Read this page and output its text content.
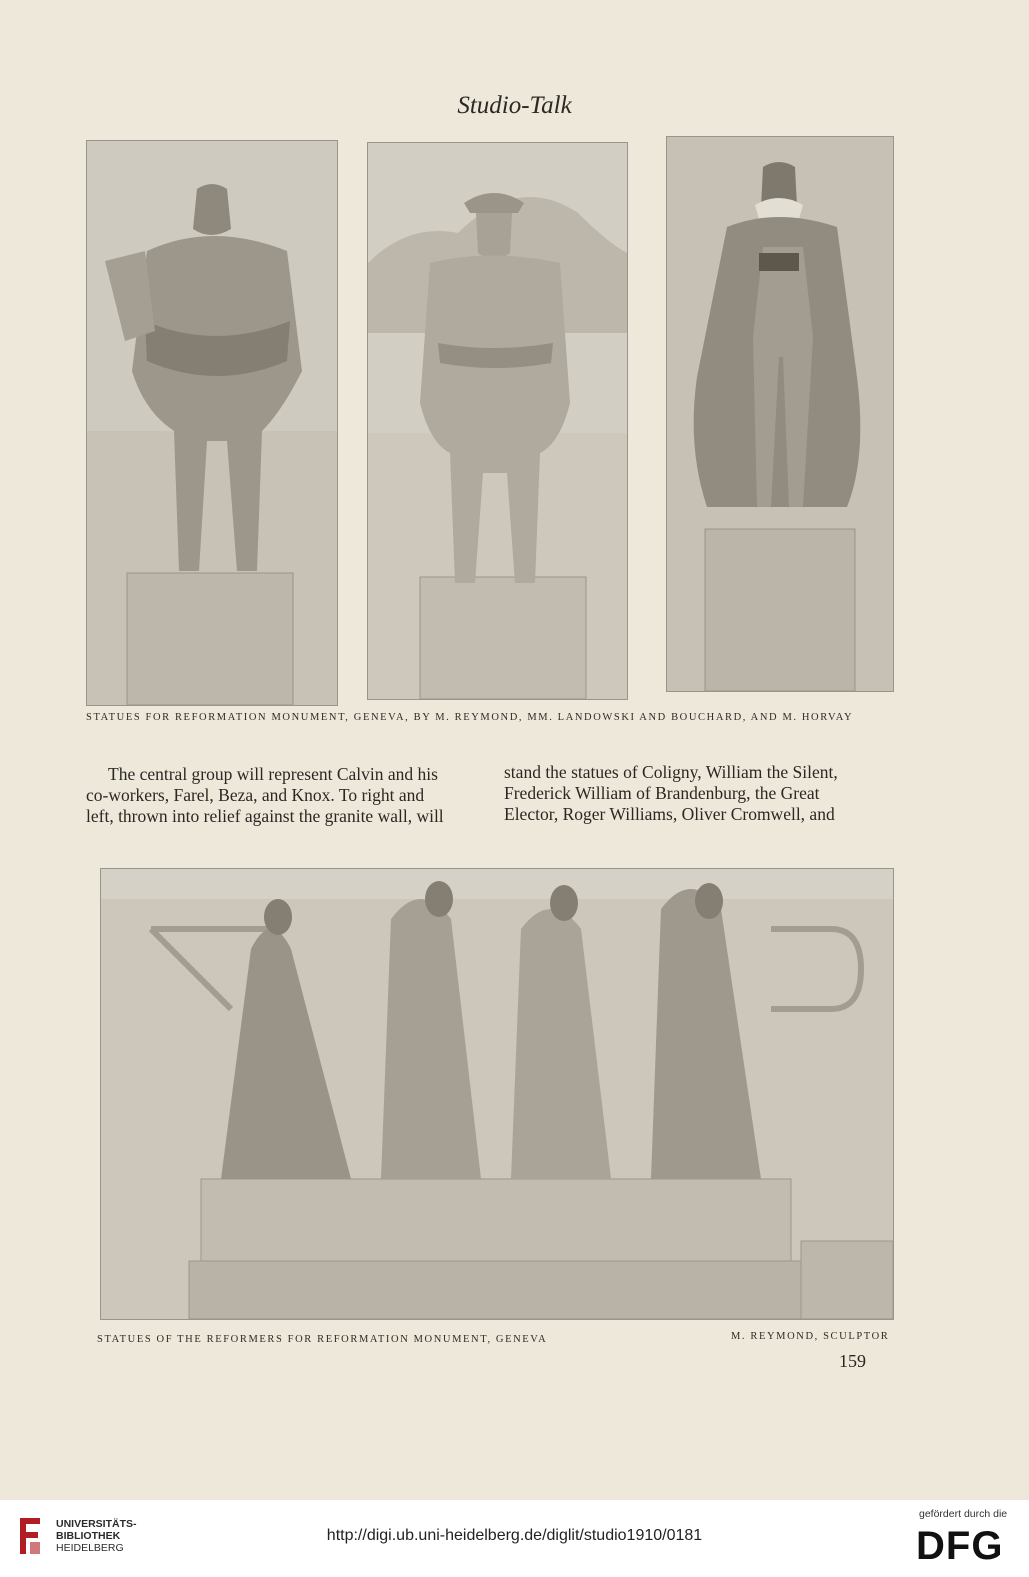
Studio-Talk
STATUES FOR REFORMATION MONUMENT, GENEVA, BY M. REYMOND, MM. LANDOWSKI AND BOUCHARD, AND M. HORVAY
The central group will represent Calvin and his
co-workers, Farel, Beza, and Knox. To right and
left, thrown into relief against the granite wall, will
stand the statues of Coligny, William the Silent,
Frederick William of Brandenburg, the Great
Elector, Roger Williams, Oliver Cromwell, and
STATUES OF THE REFORMERS FOR REFORMATION MONUMENT, GENEVA	M. REYMOND, SCULPTOR
159
UNIVERSITÄTS-
BIBLIOTHEK
HEIDELBERG
http://digi.ub.uni-heidelberg.de/diglit/studio1910/0181
gefördert durch die
DFG
